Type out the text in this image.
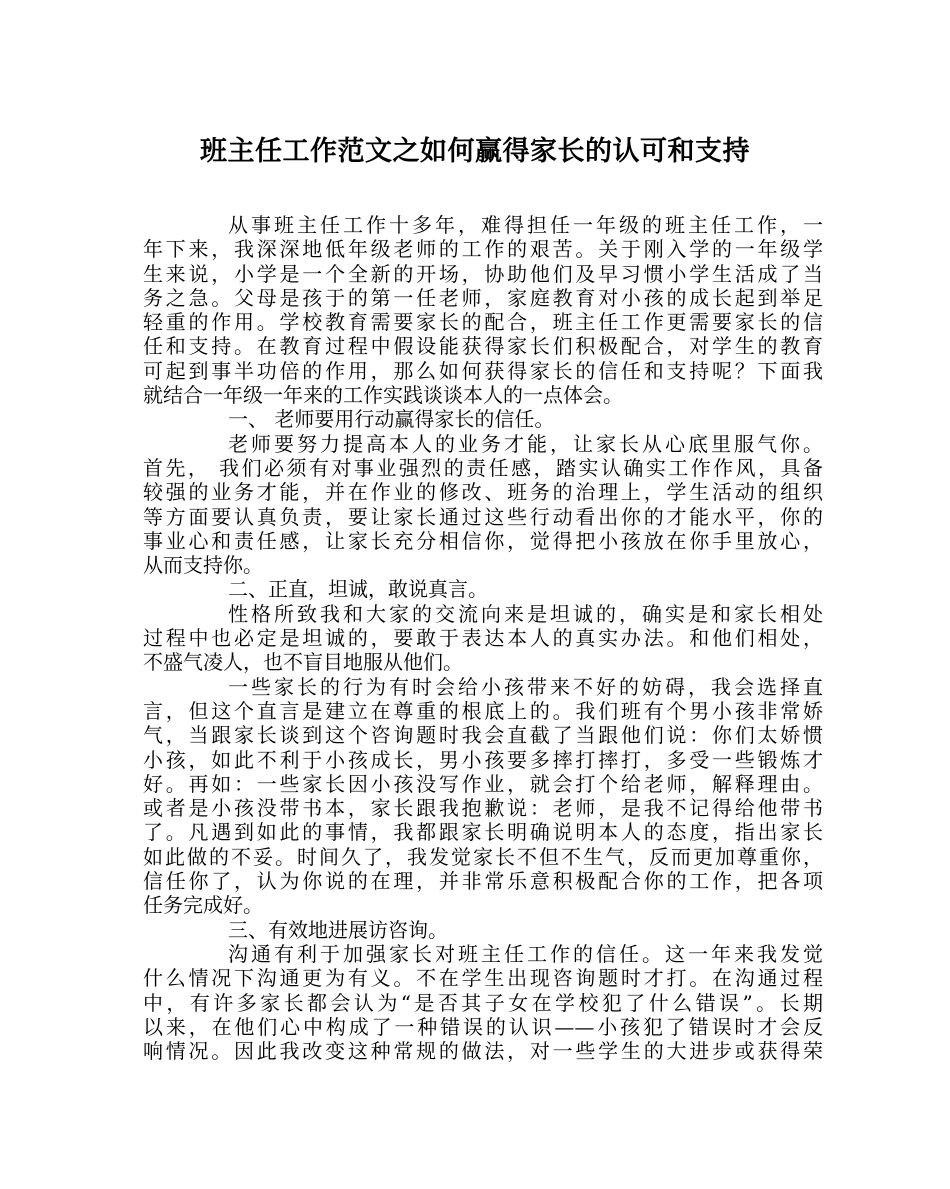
班主任工作范文之如何赢得家长的认可和支持
从事班主任工作十多年，难得担任一年级的班主任工作，一
年下来，我深深地低年级老师的工作的艰苦。关于刚入学的一年级学
生来说，小学是一个全新的开场，协助他们及早习惯小学生活成了当
务之急。父母是孩于的第一任老师，家庭教育对小孩的成长起到举足
轻重的作用。学校教育需要家长的配合，班主任工作更需要家长的信
任和支持。在教育过程中假设能获得家长们积极配合，对学生的教育
可起到事半功倍的作用，那么如何获得家长的信任和支持呢？下面我
就结合一年级一年来的工作实践谈谈本人的一点体会。
一、 老师要用行动赢得家长的信任。
老师要努力提高本人的业务才能，让家长从心底里服气你。
首先， 我们必须有对事业强烈的责任感，踏实认确实工作作风，具备
较强的业务才能，并在作业的修改、班务的治理上，学生活动的组织
等方面要认真负责，要让家长通过这些行动看出你的才能水平，你的
事业心和责任感，让家长充分相信你，觉得把小孩放在你手里放心，
从而支持你。
二、正直，坦诚，敢说真言。
性格所致我和大家的交流向来是坦诚的，确实是和家长相处
过程中也必定是坦诚的，要敢于表达本人的真实办法。和他们相处，
不盛气凌人，也不盲目地服从他们。
一些家长的行为有时会给小孩带来不好的妨碍，我会选择直
言，但这个直言是建立在尊重的根底上的。我们班有个男小孩非常娇
气，当跟家长谈到这个咨询题时我会直截了当跟他们说：你们太娇惯
小孩，如此不利于小孩成长，男小孩要多摔打摔打，多受一些锻炼才
好。再如：一些家长因小孩没写作业，就会打个给老师，解释理由。
或者是小孩没带书本，家长跟我抱歉说：老师，是我不记得给他带书
了。凡遇到如此的事情，我都跟家长明确说明本人的态度，指出家长
如此做的不妥。时间久了，我发觉家长不但不生气，反而更加尊重你，
信任你了，认为你说的在理，并非常乐意积极配合你的工作，把各项
任务完成好。
三、有效地进展访咨询。
沟通有利于加强家长对班主任工作的信任。这一年来我发觉
什么情况下沟通更为有义。不在学生出现咨询题时才打。在沟通过程
中，有许多家长都会认为“是否其子女在学校犯了什么错误”。长期
以来，在他们心中构成了一种错误的认识——小孩犯了错误时才会反
响情况。因此我改变这种常规的做法，对一些学生的大进步或获得荣
